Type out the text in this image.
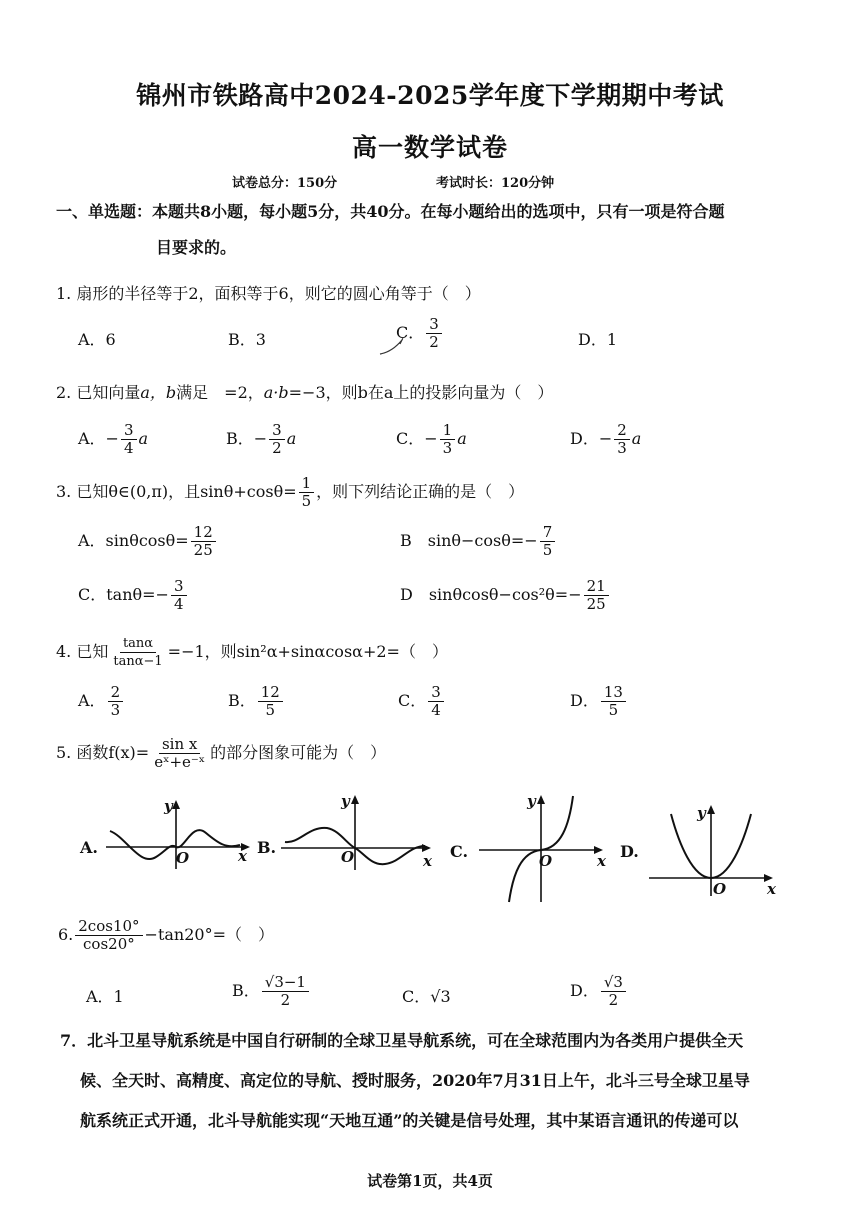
锦州市铁路高中2024-2025学年度下学期期中考试
高一数学试卷
试卷总分：150分	考试时长：120分钟
一、单选题：本题共8小题，每小题5分，共40分。在每小题给出的选项中，只有一项是符合题
目要求的。
1. 扇形的半径等于2，面积等于6，则它的圆心角等于（　）
A．6	B．3	C． $\frac{3}{2}$	D．1
2. 已知向量a，b满足　=2，a·b=−3，则b在a上的投影向量为（　）
A．− $\frac{3}{4}$ a	B．− $\frac{3}{2}$ a	C．− $\frac{1}{3}$ a	D．− $\frac{2}{3}$ a
3. 已知θ∈(0,π)，且$\sin\theta+\cos\theta= \frac{1}{5}$ ，则下列结论正确的是（　）
A．$\sin\theta\cos\theta= \frac{12}{25}$	B　$\sin\theta-\cos\theta=- \frac{7}{5}$
C．$\tan\theta=- \frac{3}{4}$	D　$\sin\theta\cos\theta-\cos^2\theta=- \frac{21}{25}$
4. 已知 $\frac{\tan\alpha}{\tan\alpha-1} =-1$，则sin²α+sinαcosα+2=（　）
A． $\frac{2}{3}$	B． $\frac{12}{5}$	C． $\frac{3}{4}$	D． $\frac{13}{5}$
5. 函数$f(x)= \frac{\text{sin x}}{\text{eˣ+e⁻ˣ}}$ 的部分图象可能为（　）
A.	B.	C.	D.
y
x
O
y
x
O
y
x
O
y
x
O
6. $\frac{2\cos 10^\circ}{\cos 20^\circ} -\tan 20^\circ=$（　）
A．1	B． $\frac{√3-1}{2}$	C．√3	D． $\frac{√3}{2}$
7．北斗卫星导航系统是中国自行研制的全球卫星导航系统，可在全球范围内为各类用户提供全天
候、全天时、高精度、高定位的导航、授时服务，2020年7月31日上午，北斗三号全球卫星导
航系统正式开通，北斗导航能实现“天地互通”的关键是信号处理，其中某语言通讯的传递可以
试卷第1页，共4页
